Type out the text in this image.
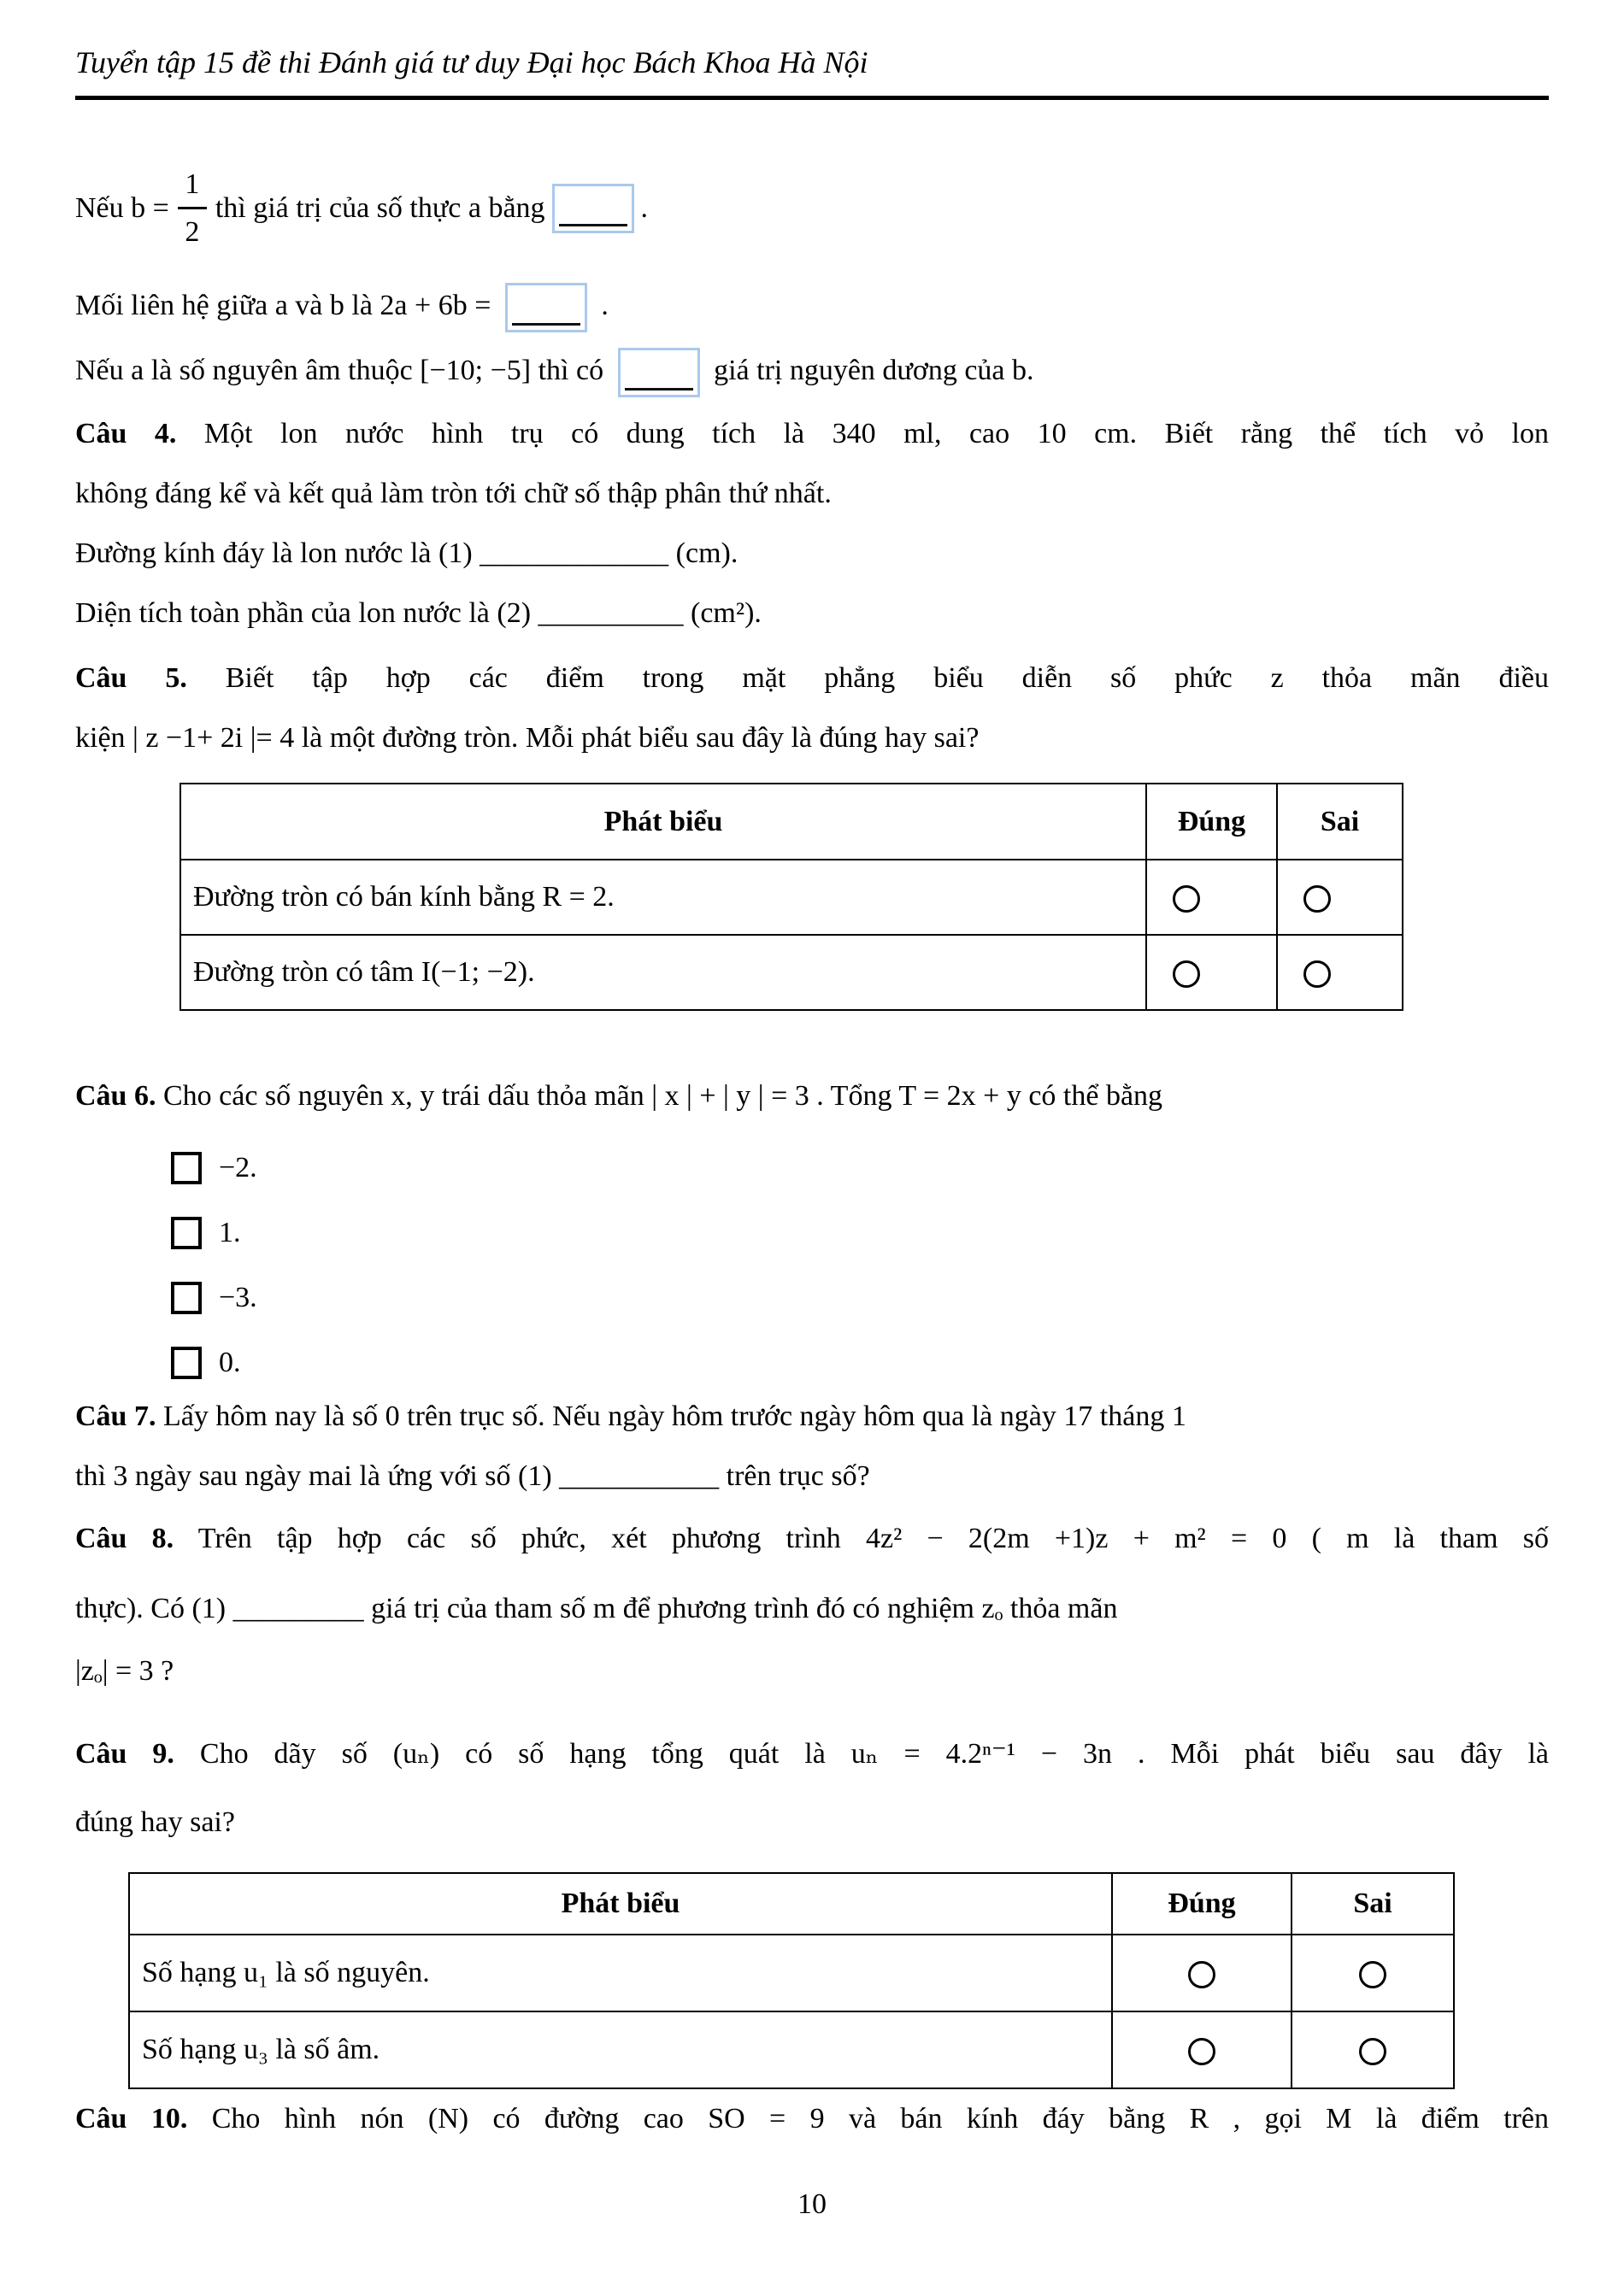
Tuyển tập 15 đề thi Đánh giá tư duy Đại học Bách Khoa Hà Nội
Nếu $b = \frac{1}{2}$ thì giá trị của số thực a bằng	.
Mối liên hệ giữa a và b là 2a + 6b =	.
Nếu a là số nguyên âm thuộc [−10; −5] thì có	giá trị nguyên dương của b.
Câu 4. Một lon nước hình trụ có dung tích là 340 ml, cao 10 cm. Biết rằng thể tích vỏ lon
không đáng kể và kết quả làm tròn tới chữ số thập phân thứ nhất.
Đường kính đáy là lon nước là (1) _____________ (cm).
Diện tích toàn phần của lon nước là (2) __________ (cm²).
Câu 5. Biết tập hợp các điểm trong mặt phẳng biểu diễn số phức z thỏa mãn điều
kiện | z −1+ 2i |= 4 là một đường tròn. Mỗi phát biểu sau đây là đúng hay sai?
Phát biểu	Đúng	Sai
Đường tròn có bán kính bằng R = 2.		
Đường tròn có tâm I(−1; −2).		
Câu 6. Cho các số nguyên x, y trái dấu thỏa mãn | x | + | y | = 3 . Tổng T = 2x + y có thể bằng
−2.
1.
−3.
0.
Câu 7. Lấy hôm nay là số 0 trên trục số. Nếu ngày hôm trước ngày hôm qua là ngày 17 tháng 1
thì 3 ngày sau ngày mai là ứng với số (1) ___________ trên trục số?
Câu 8. Trên tập hợp các số phức, xét phương trình 4z² − 2(2m +1)z + m² = 0 ( m là tham số
thực). Có (1) _________ giá trị của tham số m để phương trình đó có nghiệm zₒ thỏa mãn
|zₒ| = 3 ?
Câu 9. Cho dãy số (uₙ) có số hạng tổng quát là uₙ = 4.2ⁿ⁻¹ − 3n . Mỗi phát biểu sau đây là
đúng hay sai?
Phát biểu	Đúng	Sai
Số hạng u₁ là số nguyên.		
Số hạng u₃ là số âm.		
Câu 10. Cho hình nón (N) có đường cao SO = 9 và bán kính đáy bằng R , gọi M là điểm trên
10
